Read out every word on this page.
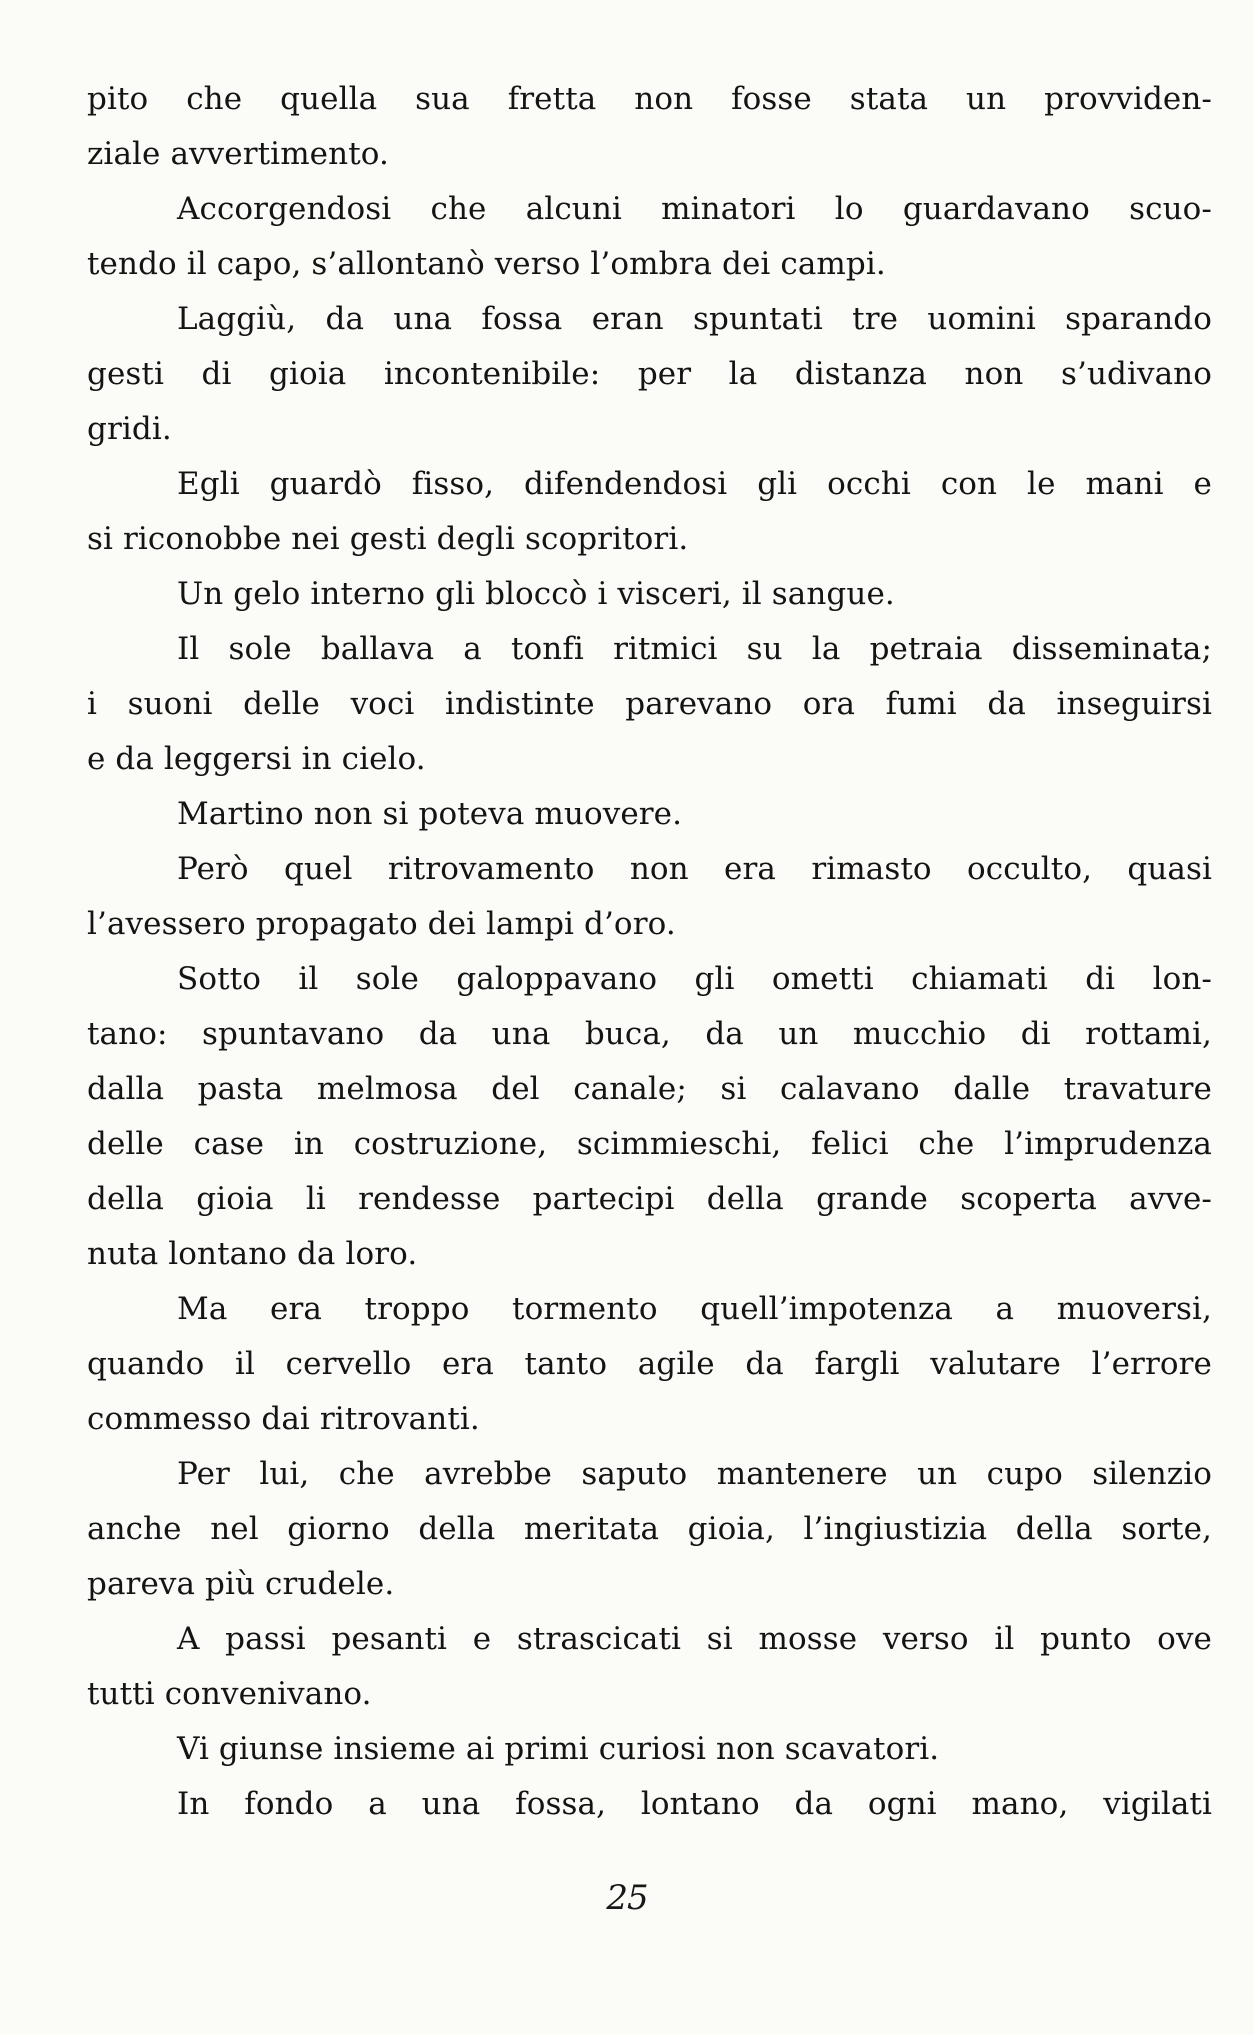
pito che quella sua fretta non fosse stata un provviden-
ziale avvertimento.
Accorgendosi che alcuni minatori lo guardavano scuo-
tendo il capo, s’allontanò verso l’ombra dei campi.
Laggiù, da una fossa eran spuntati tre uomini sparando
gesti di gioia incontenibile: per la distanza non s’udivano
gridi.
Egli guardò fisso, difendendosi gli occhi con le mani e
si riconobbe nei gesti degli scopritori.
Un gelo interno gli bloccò i visceri, il sangue.
Il sole ballava a tonfi ritmici su la petraia disseminata;
i suoni delle voci indistinte parevano ora fumi da inseguirsi
e da leggersi in cielo.
Martino non si poteva muovere.
Però quel ritrovamento non era rimasto occulto, quasi
l’avessero propagato dei lampi d’oro.
Sotto il sole galoppavano gli ometti chiamati di lon-
tano: spuntavano da una buca, da un mucchio di rottami,
dalla pasta melmosa del canale; si calavano dalle travature
delle case in costruzione, scimmieschi, felici che l’imprudenza
della gioia li rendesse partecipi della grande scoperta avve-
nuta lontano da loro.
Ma era troppo tormento quell’impotenza a muoversi,
quando il cervello era tanto agile da fargli valutare l’errore
commesso dai ritrovanti.
Per lui, che avrebbe saputo mantenere un cupo silenzio
anche nel giorno della meritata gioia, l’ingiustizia della sorte,
pareva più crudele.
A passi pesanti e strascicati si mosse verso il punto ove
tutti convenivano.
Vi giunse insieme ai primi curiosi non scavatori.
In fondo a una fossa, lontano da ogni mano, vigilati
25
